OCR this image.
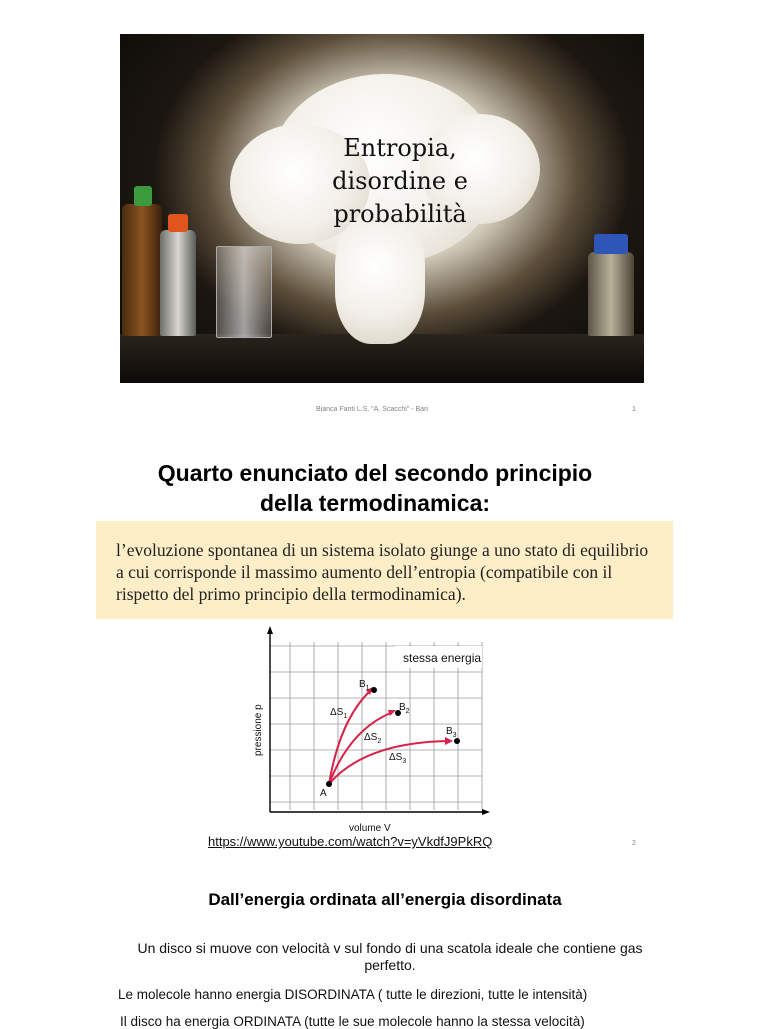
Entropia,
disordine e
probabilità
Bianca Fanti L.S. "A. Scacchi" - Bari	1
Quarto enunciato del secondo principio della termodinamica:
l’evoluzione spontanea di un sistema isolato giunge a uno stato di equilibrio a cui corrisponde il massimo aumento dell’entropia (compatibile con il rispetto del primo principio della termodinamica).
stessa energia
A
$B_1$
$B_2$
$B_3$
$\Delta S_1$
$\Delta S_2$
$\Delta S_3$
pressione p
volume V
https://www.youtube.com/watch?v=yVkdfJ9PkRQ	2
Dall’energia ordinata all’energia disordinata
Un disco si muove con velocità v sul fondo di una scatola ideale che contiene gas perfetto.
Le molecole hanno energia DISORDINATA ( tutte le direzioni, tutte le intensità)
Il disco ha energia ORDINATA (tutte le sue molecole hanno la stessa velocità)
